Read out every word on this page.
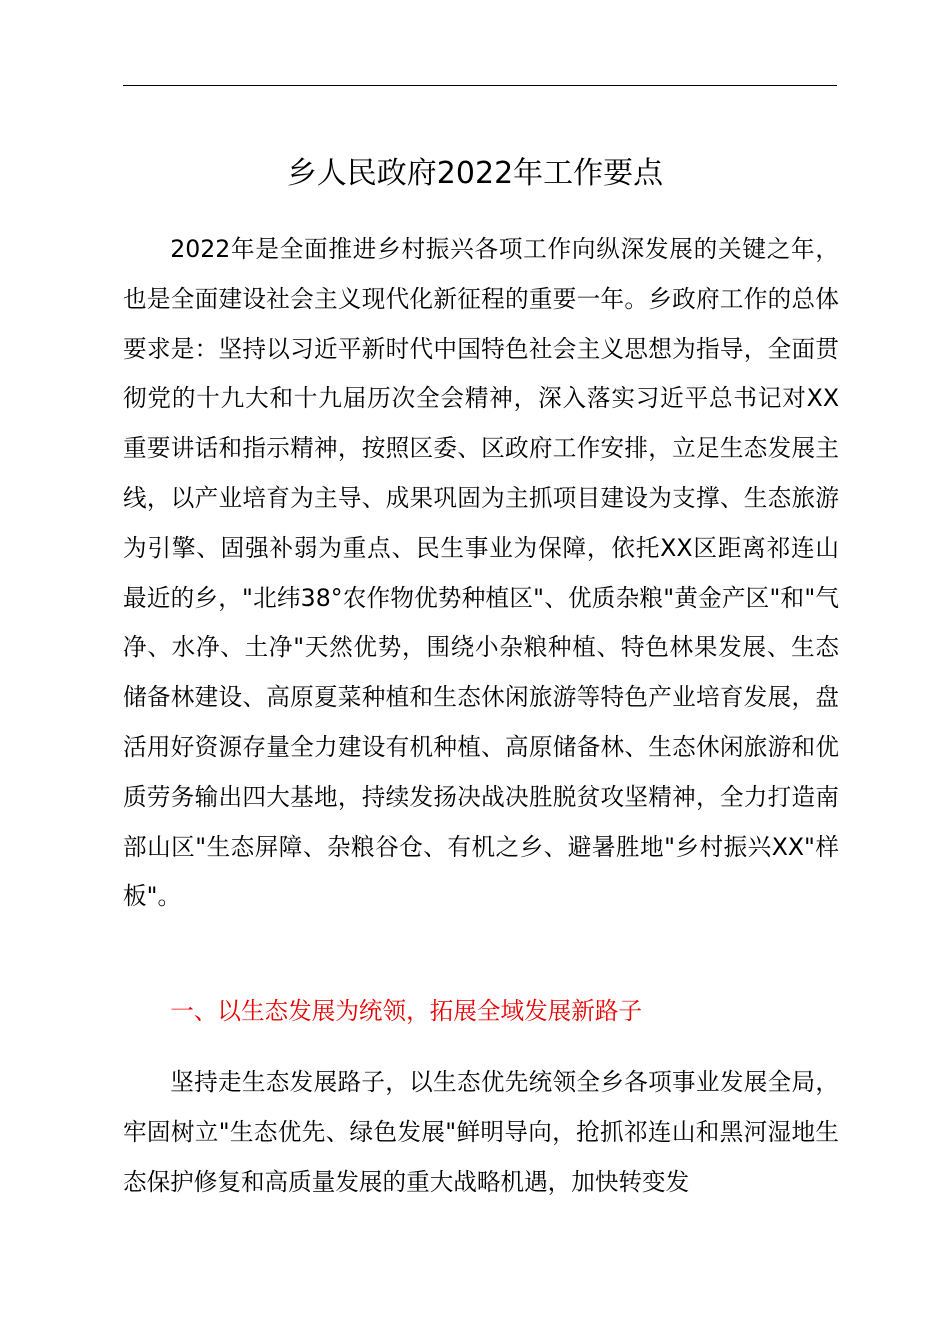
乡人民政府2022年工作要点
2022年是全面推进乡村振兴各项工作向纵深发展的关键之年，也是全面建设社会主义现代化新征程的重要一年。乡政府工作的总体要求是：坚持以习近平新时代中国特色社会主义思想为指导，全面贯彻党的十九大和十九届历次全会精神，深入落实习近平总书记对XX重要讲话和指示精神，按照区委、区政府工作安排，立足生态发展主线，以产业培育为主导、成果巩固为主抓项目建设为支撑、生态旅游为引擎、固强补弱为重点、民生事业为保障，依托XX区距离祁连山最近的乡，"北纬38°农作物优势种植区"、优质杂粮"黄金产区"和"气净、水净、土净"天然优势，围绕小杂粮种植、特色林果发展、生态储备林建设、高原夏菜种植和生态休闲旅游等特色产业培育发展，盘活用好资源存量全力建设有机种植、高原储备林、生态休闲旅游和优质劳务输出四大基地，持续发扬决战决胜脱贫攻坚精神，全力打造南部山区"生态屏障、杂粮谷仓、有机之乡、避暑胜地"乡村振兴XX"样板"。
一、以生态发展为统领，拓展全域发展新路子
坚持走生态发展路子，以生态优先统领全乡各项事业发展全局，牢固树立"生态优先、绿色发展"鲜明导向，抢抓祁连山和黑河湿地生态保护修复和高质量发展的重大战略机遇，加快转变发
